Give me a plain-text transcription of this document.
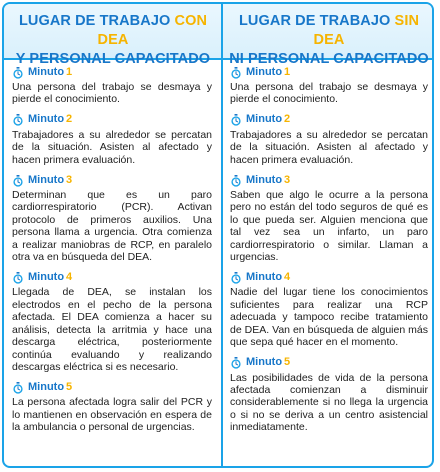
LUGAR DE TRABAJO CON DEA
Y PERSONAL CAPACITADO
LUGAR DE TRABAJO SIN DEA
NI PERSONAL CAPACITADO
Minuto 1
Una persona del trabajo se desmaya y pierde el conocimiento.
Minuto 2
Trabajadores a su alrededor se percatan de la situación. Asisten al afectado y hacen primera evaluación.
Minuto 3
Determinan que es un paro cardiorrespiratorio (PCR). Activan protocolo de primeros auxilios. Una persona llama a urgencia. Otra comienza a realizar maniobras de RCP, en paralelo otra va en búsqueda del DEA.
Minuto 4
Llegada de DEA, se instalan los electrodos en el pecho de la persona afectada. El DEA comienza a hacer su análisis, detecta la arritmia y hace una descarga eléctrica, posteriormente continúa evaluando y realizando descargas eléctrica si es necesario.
Minuto 5
La persona afectada logra salir del PCR y lo mantienen en observación en espera de la ambulancia o personal de urgencias.
Minuto 1
Una persona del trabajo se desmaya y pierde el conocimiento.
Minuto 2
Trabajadores a su alrededor se percatan de la situación. Asisten al afectado y hacen primera evaluación.
Minuto 3
Saben que algo le ocurre a la persona pero no están del todo seguros de qué es lo que pueda ser. Alguien menciona que tal vez sea un infarto, un paro cardiorrespiratorio o similar. Llaman a urgencias.
Minuto 4
Nadie del lugar tiene los conocimientos suficientes para realizar una RCP adecuada y tampoco recibe tratamiento de DEA. Van en búsqueda de alguien más que sepa qué hacer en el momento.
Minuto 5
Las posibilidades de vida de la persona afectada comienzan a disminuir considerablemente si no llega la urgencia o si no se deriva a un centro asistencial inmediatamente.
